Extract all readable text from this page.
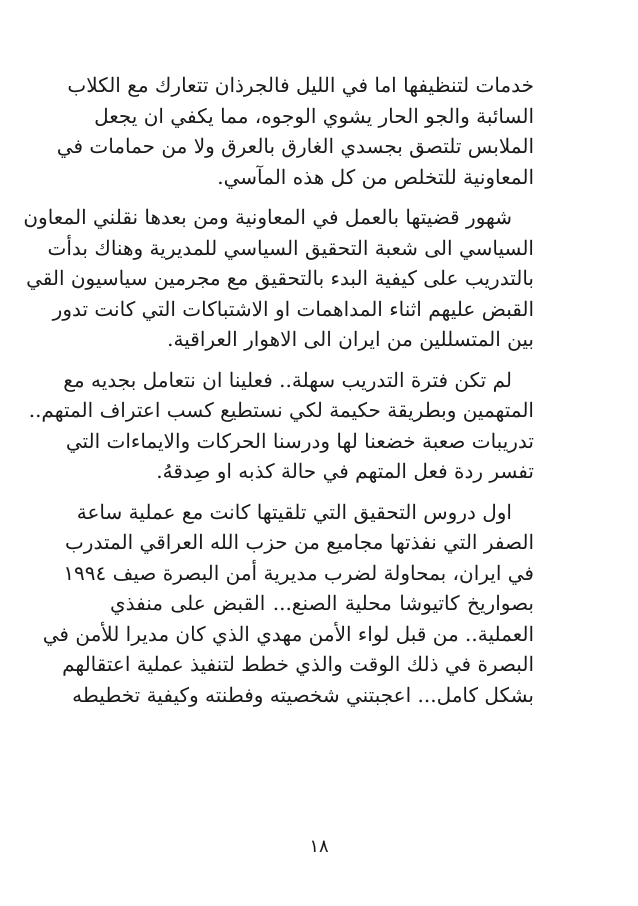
خدمات لتنظيفها اما في الليل فالجرذان تتعارك مع الكلاب
السائبة والجو الحار يشوي الوجوه، مما يكفي ان يجعل
الملابس تلتصق بجسدي الغارق بالعرق ولا من حمامات في
المعاونية للتخلص من كل هذه المآسي.

شهور قضيتها بالعمل في المعاونية ومن بعدها نقلني المعاون
السياسي الى شعبة التحقيق السياسي للمديرية وهناك بدأت
بالتدريب على كيفية البدء بالتحقيق مع مجرمين سياسيون القي
القبض عليهم اثناء المداهمات او الاشتباكات التي كانت تدور
بين المتسللين من ايران الى الاهوار العراقية.

لم تكن فترة التدريب سهلة.. فعلينا ان نتعامل بجديه مع
المتهمين وبطريقة حكيمة لكي نستطيع كسب اعتراف المتهم..
تدريبات صعبة خضعنا لها ودرسنا الحركات والايماءات التي
تفسر ردة فعل المتهم في حالة كذبه او صِدقهُ.

اول دروس التحقيق التي تلقيتها كانت مع عملية ساعة
الصفر التي نفذتها مجاميع من حزب الله العراقي المتدرب
في ايران، بمحاولة لضرب مديرية أمن البصرة صيف ١٩٩٤
بصواريخ كاتيوشا محلية الصنع... القبض على منفذي
العملية.. من قبل لواء الأمن مهدي الذي كان مديرا للأمن في
البصرة في ذلك الوقت والذي خطط لتنفيذ عملية اعتقالهم
بشكل كامل... اعجبتني شخصيته وفطنته وكيفية تخطيطه

١٨
